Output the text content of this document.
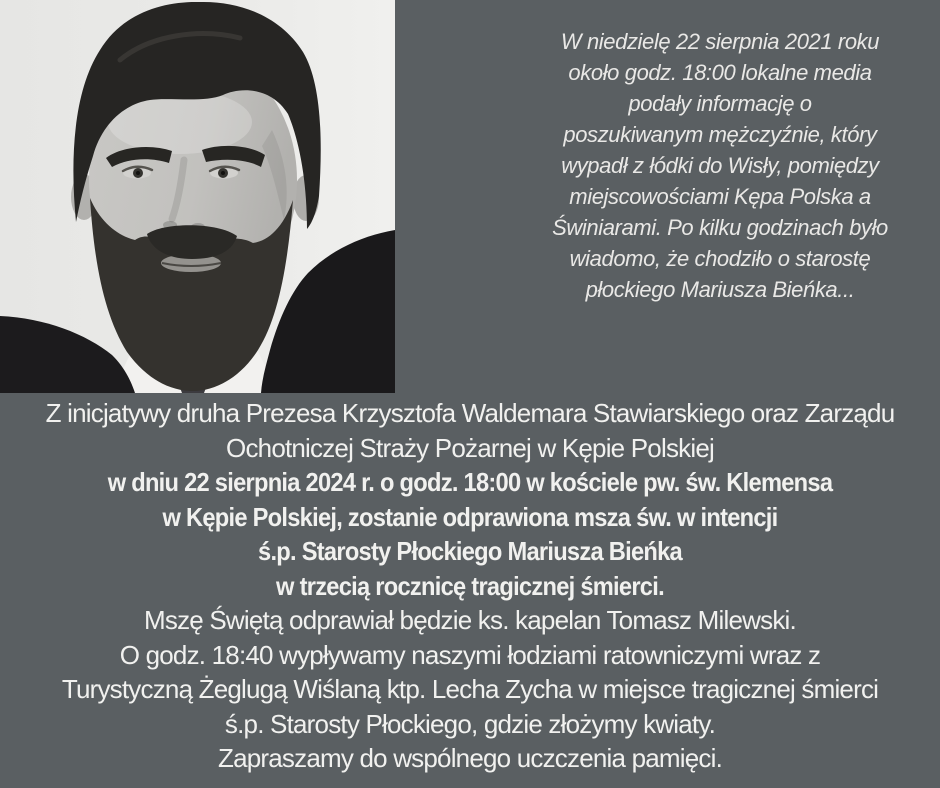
W niedzielę 22 sierpnia 2021 roku
około godz. 18:00 lokalne media
podały informację o
poszukiwanym mężczyźnie, który
wypadł z łódki do Wisły, pomiędzy
miejscowościami Kępa Polska a
Świniarami. Po kilku godzinach było
wiadomo, że chodziło o starostę
płockiego Mariusza Bieńka...
Z inicjatywy druha Prezesa Krzysztofa Waldemara Stawiarskiego oraz Zarządu
Ochotniczej Straży Pożarnej w Kępie Polskiej
w dniu 22 sierpnia 2024 r. o godz. 18:00 w kościele pw. św. Klemensa
w Kępie Polskiej, zostanie odprawiona msza św. w intencji
ś.p. Starosty Płockiego Mariusza Bieńka
w trzecią rocznicę tragicznej śmierci.
Mszę Świętą odprawiał będzie ks. kapelan Tomasz Milewski.
O godz. 18:40 wypływamy naszymi łodziami ratowniczymi wraz z
Turystyczną Żeglugą Wiślaną ktp. Lecha Zycha w miejsce tragicznej śmierci
ś.p. Starosty Płockiego, gdzie złożymy kwiaty.
Zapraszamy do wspólnego uczczenia pamięci.
